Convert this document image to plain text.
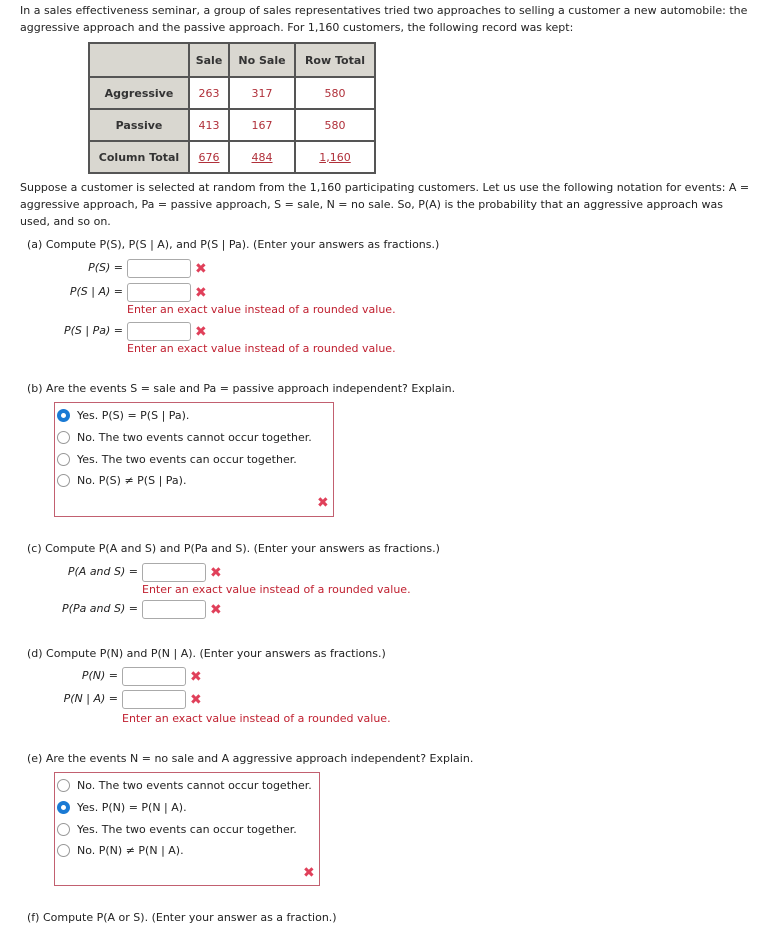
In a sales effectiveness seminar, a group of sales representatives tried two approaches to selling a customer a new automobile: the aggressive approach and the passive approach. For 1,160 customers, the following record was kept:
	Sale	No Sale	Row Total
Aggressive	263	317	580
Passive	413	167	580
Column Total	676	484	1,160
Suppose a customer is selected at random from the 1,160 participating customers. Let us use the following notation for events: A = aggressive approach, Pa = passive approach, S = sale, N = no sale. So, P(A) is the probability that an aggressive approach was used, and so on.
(a) Compute P(S), P(S | A), and P(S | Pa). (Enter your answers as fractions.)
P(S) =	✖
P(S | A) =	✖
Enter an exact value instead of a rounded value.
P(S | Pa) =	✖
Enter an exact value instead of a rounded value.
(b) Are the events S = sale and Pa = passive approach independent? Explain.
Yes. P(S) = P(S | Pa).
No. The two events cannot occur together.
Yes. The two events can occur together.
No. P(S) ≠ P(S | Pa).
✖
(c) Compute P(A and S) and P(Pa and S). (Enter your answers as fractions.)
P(A and S) =	✖
Enter an exact value instead of a rounded value.
P(Pa and S) =	✖
(d) Compute P(N) and P(N | A). (Enter your answers as fractions.)
P(N) =	✖
P(N | A) =	✖
Enter an exact value instead of a rounded value.
(e) Are the events N = no sale and A aggressive approach independent? Explain.
No. The two events cannot occur together.
Yes. P(N) = P(N | A).
Yes. The two events can occur together.
No. P(N) ≠ P(N | A).
✖
(f) Compute P(A or S). (Enter your answer as a fraction.)
